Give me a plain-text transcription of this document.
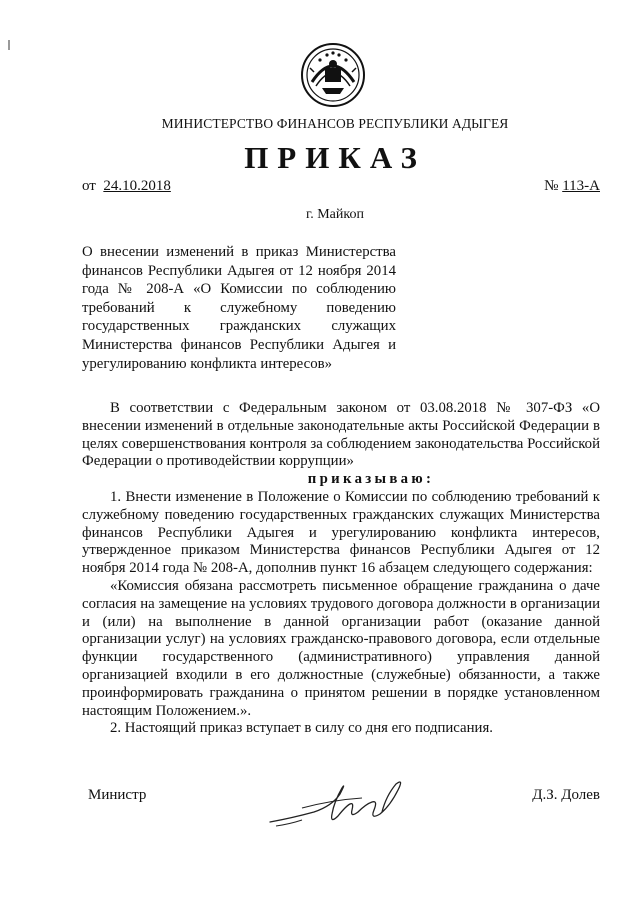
МИНИСТЕРСТВО ФИНАНСОВ РЕСПУБЛИКИ АДЫГЕЯ
ПРИКАЗ
от 24.10.2018	№ 113-А
г. Майкоп
О внесении изменений в приказ Министерства финансов Республики Адыгея от 12 ноября 2014 года № 208-А «О Комиссии по соблюдению требований к служебному поведению государственных гражданских служащих Министерства финансов Республики Адыгея и урегулированию конфликта интересов»

В соответствии с Федеральным законом от 03.08.2018 № 307-ФЗ «О внесении изменений в отдельные законодательные акты Российской Федерации в целях совершенствования контроля за соблюдением законодательства Российской Федерации о противодействии коррупции»

приказываю:

1. Внести изменение в Положение о Комиссии по соблюдению требований к служебному поведению государственных гражданских служащих Министерства финансов Республики Адыгея и урегулированию конфликта интересов, утвержденное приказом Министерства финансов Республики Адыгея от 12 ноября 2014 года № 208-А, дополнив пункт 16 абзацем следующего содержания:

«Комиссия обязана рассмотреть письменное обращение гражданина о даче согласия на замещение на условиях трудового договора должности в организации и (или) на выполнение в данной организации работ (оказание данной организации услуг) на условиях гражданско-правового договора, если отдельные функции государственного (административного) управления данной организацией входили в его должностные (служебные) обязанности, а также проинформировать гражданина о принятом решении в порядке установленном настоящим Положением.».

2. Настоящий приказ вступает в силу со дня его подписания.

Министр	Д.З. Долев
